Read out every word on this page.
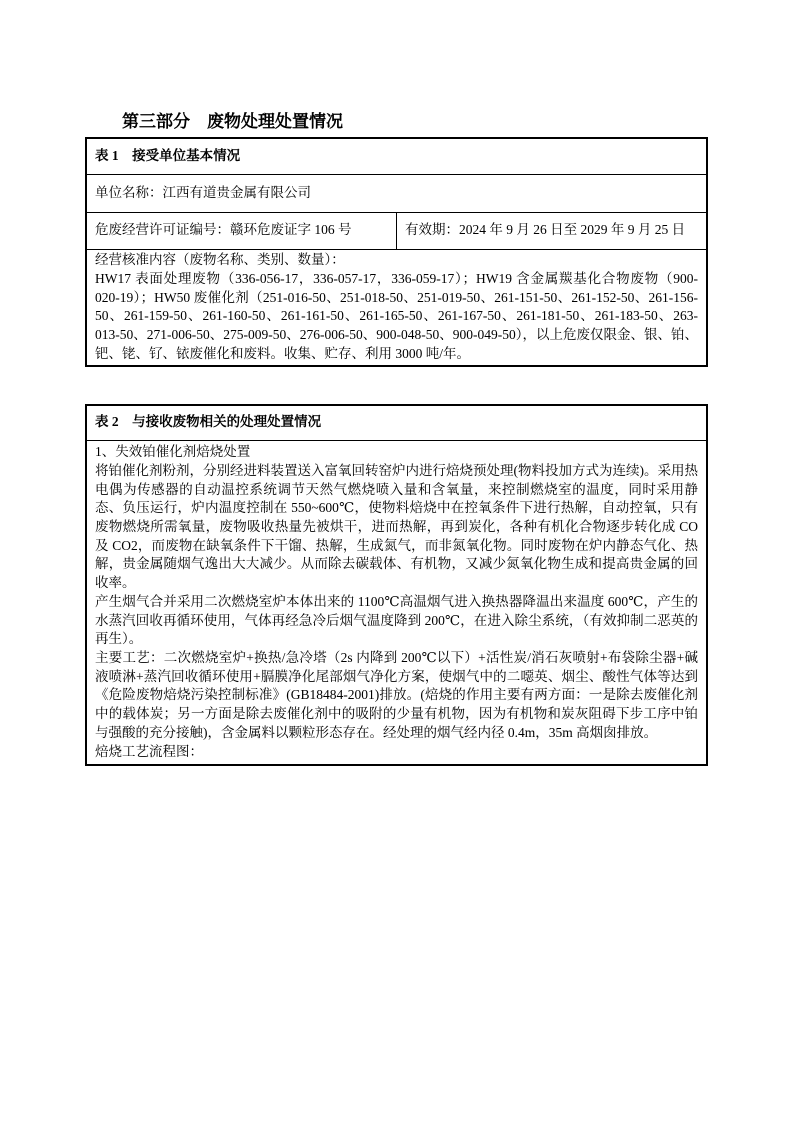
第三部分　废物处理处置情况
表 1　接受单位基本情况
单位名称：江西有道贵金属有限公司
危废经营许可证编号：赣环危废证字 106 号	有效期：2024 年 9 月 26 日至 2029 年 9 月 25 日

经营核准内容（废物名称、类别、数量）：
HW17 表面处理废物（336-056-17，336-057-17，336-059-17）；HW19 含金属羰基化合物废物（900-020-19）；HW50 废催化剂（251-016-50、251-018-50、251-019-50、261-151-50、261-152-50、261-156-50、261-159-50、261-160-50、261-161-50、261-165-50、261-167-50、261-181-50、261-183-50、263-013-50、271-006-50、275-009-50、276-006-50、900-048-50、900-049-50），以上危废仅限金、银、铂、钯、铑、钌、铱废催化和废料。收集、贮存、利用 3000 吨/年。
表 2　与接收废物相关的处理处置情况

1、失效铂催化剂焙烧处置

将铂催化剂粉剂，分别经进料装置送入富氧回转窑炉内进行焙烧预处理(物料投加方式为连续)。采用热电偶为传感器的自动温控系统调节天然气燃烧喷入量和含氧量，来控制燃烧室的温度，同时采用静态、负压运行，炉内温度控制在 550~600℃，使物料焙烧中在控氧条件下进行热解，自动控氧，只有废物燃烧所需氧量，废物吸收热量先被烘干，进而热解，再到炭化，各种有机化合物逐步转化成 CO 及 CO2，而废物在缺氧条件下干馏、热解，生成氮气，而非氮氧化物。同时废物在炉内静态气化、热解，贵金属随烟气逸出大大减少。从而除去碳载体、有机物，又减少氮氧化物生成和提高贵金属的回收率。

产生烟气合并采用二次燃烧室炉本体出来的 1100℃高温烟气进入换热器降温出来温度 600℃，产生的水蒸汽回收再循环使用，气体再经急冷后烟气温度降到 200℃，在进入除尘系统，（有效抑制二恶英的再生）。

主要工艺：二次燃烧室炉+换热/急冷塔（2s 内降到 200℃以下）+活性炭/消石灰喷射+布袋除尘器+碱液喷淋+蒸汽回收循环使用+膈膜净化尾部烟气净化方案，使烟气中的二噁英、烟尘、酸性气体等达到《危险废物焙烧污染控制标准》(GB18484-2001)排放。(焙烧的作用主要有两方面：一是除去废催化剂中的载体炭；另一方面是除去废催化剂中的吸附的少量有机物，因为有机物和炭灰阻碍下步工序中铂与强酸的充分接触)，含金属料以颗粒形态存在。经处理的烟气经内径 0.4m，35m 高烟囱排放。

焙烧工艺流程图：
